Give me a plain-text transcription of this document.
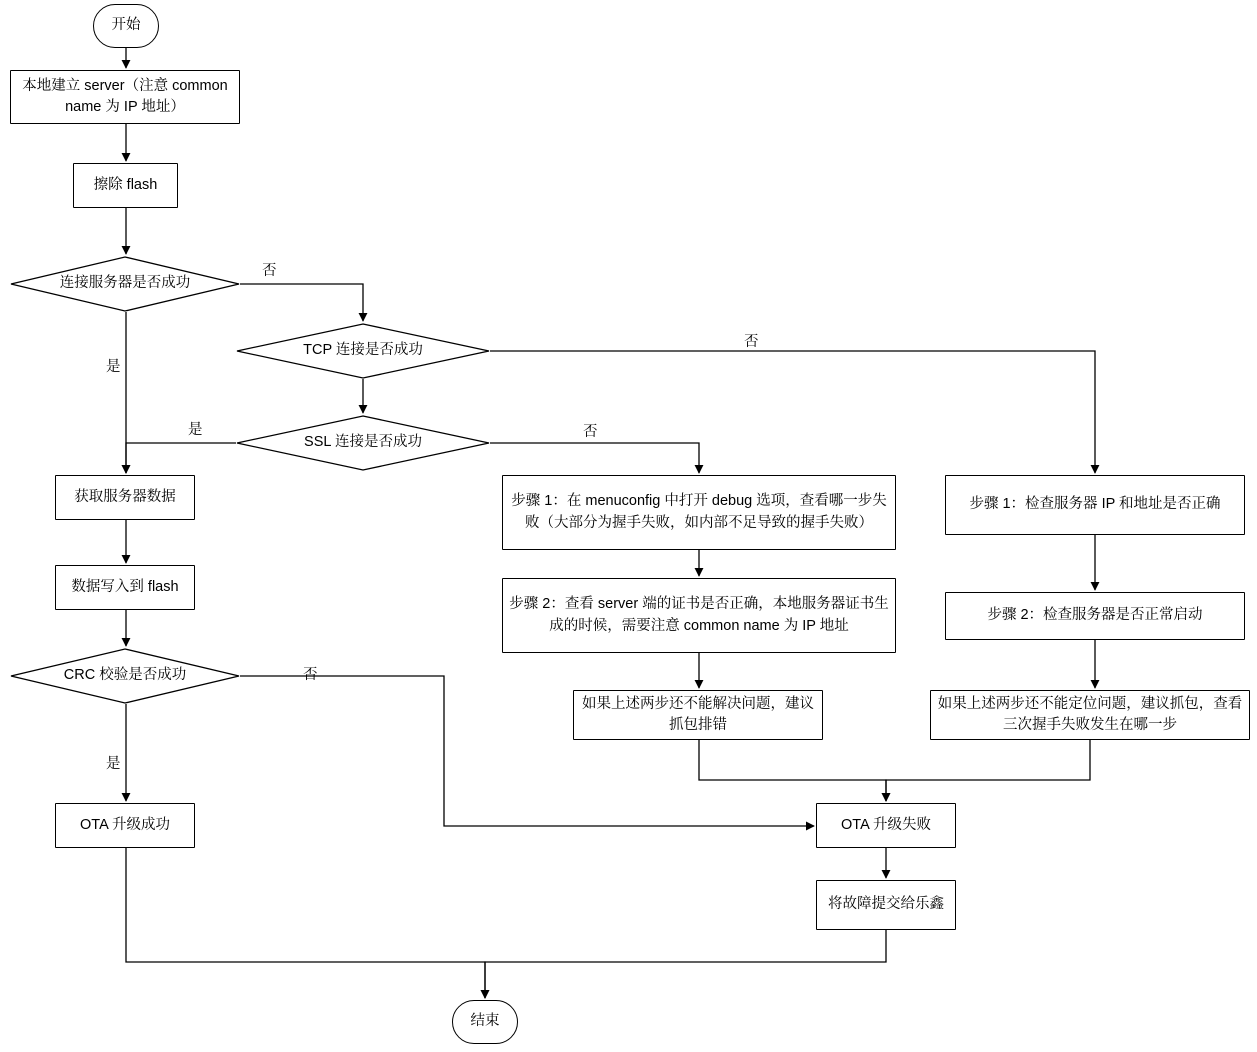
开始
本地建立 server（注意 common name 为 IP 地址）
擦除 flash
连接服务器是否成功
TCP 连接是否成功
SSL 连接是否成功
获取服务器数据
数据写入到 flash
CRC 校验是否成功
OTA 升级成功
步骤 1：在 menuconfig 中打开 debug 选项，查看哪一步失败（大部分为握手失败，如内部不足导致的握手失败）
步骤 2：查看 server 端的证书是否正确，本地服务器证书生成的时候，需要注意 common name 为 IP 地址
如果上述两步还不能解决问题，建议抓包排错
步骤 1：检查服务器 IP 和地址是否正确
步骤 2：检查服务器是否正常启动
如果上述两步还不能定位问题，建议抓包，查看三次握手失败发生在哪一步
OTA 升级失败
将故障提交给乐鑫
结束
否
是
否
是	否
否
是
